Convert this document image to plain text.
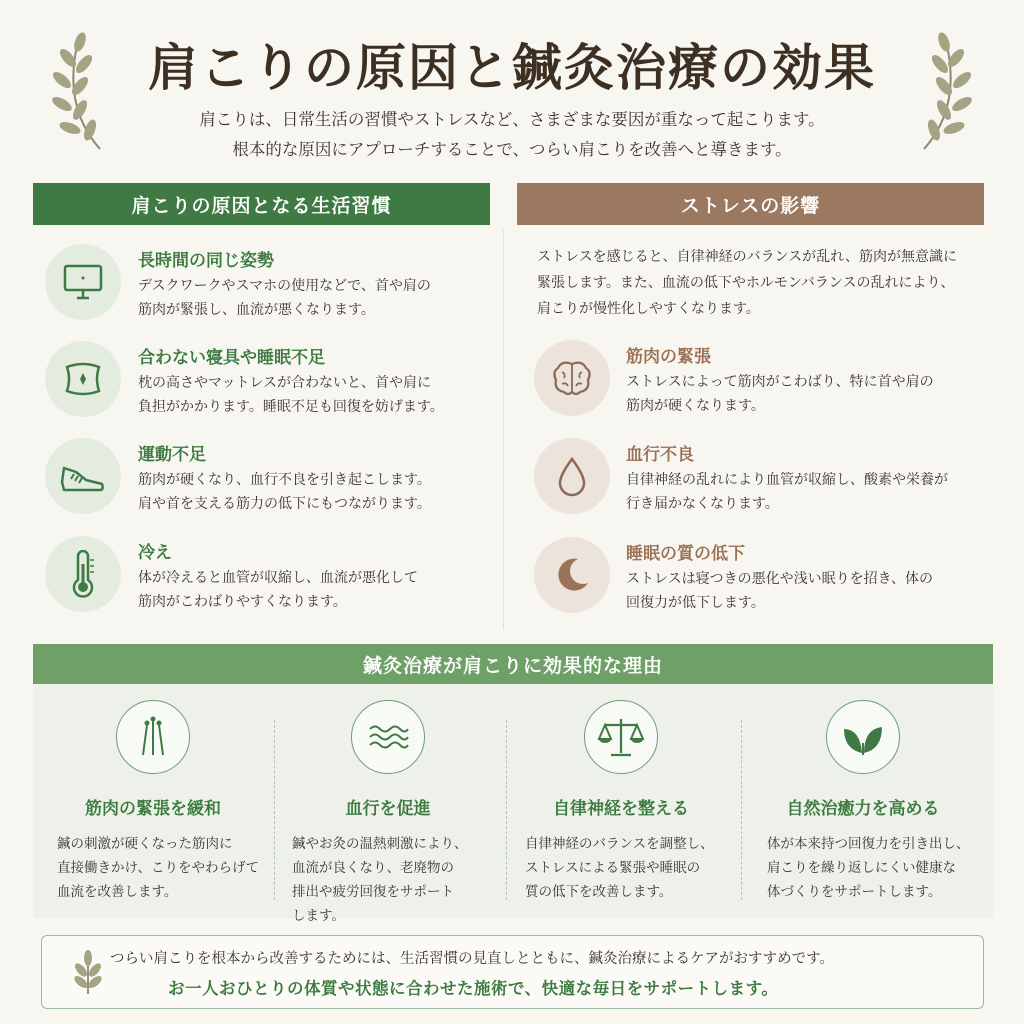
肩こりの原因と鍼灸治療の効果

肩こりは、日常生活の習慣やストレスなど、さまざまな要因が重なって起こります。

根本的な原因にアプローチすることで、つらい肩こりを改善へと導きます。

肩こりの原因となる生活習慣	ストレスの影響
長時間の同じ姿勢
デスクワークやスマホの使用などで、首や肩の
筋肉が緊張し、血流が悪くなります。
合わない寝具や睡眠不足
枕の高さやマットレスが合わないと、首や肩に
負担がかかります。睡眠不足も回復を妨げます。
運動不足
筋肉が硬くなり、血行不良を引き起こします。
肩や首を支える筋力の低下にもつながります。
冷え
体が冷えると血管が収縮し、血流が悪化して
筋肉がこわばりやすくなります。
ストレスを感じると、自律神経のバランスが乱れ、筋肉が無意識に
緊張します。また、血流の低下やホルモンバランスの乱れにより、
肩こりが慢性化しやすくなります。
筋肉の緊張
ストレスによって筋肉がこわばり、特に首や肩の
筋肉が硬くなります。
血行不良
自律神経の乱れにより血管が収縮し、酸素や栄養が
行き届かなくなります。
睡眠の質の低下
ストレスは寝つきの悪化や浅い眠りを招き、体の
回復力が低下します。
鍼灸治療が肩こりに効果的な理由
筋肉の緊張を緩和
鍼の刺激が硬くなった筋肉に
直接働きかけ、こりをやわらげて
血流を改善します。
血行を促進
鍼やお灸の温熱刺激により、
血流が良くなり、老廃物の
排出や疲労回復をサポート
します。
自律神経を整える
自律神経のバランスを調整し、
ストレスによる緊張や睡眠の
質の低下を改善します。
自然治癒力を高める
体が本来持つ回復力を引き出し、
肩こりを繰り返しにくい健康な
体づくりをサポートします。
つらい肩こりを根本から改善するためには、生活習慣の見直しとともに、鍼灸治療によるケアがおすすめです。
お一人おひとりの体質や状態に合わせた施術で、快適な毎日をサポートします。
